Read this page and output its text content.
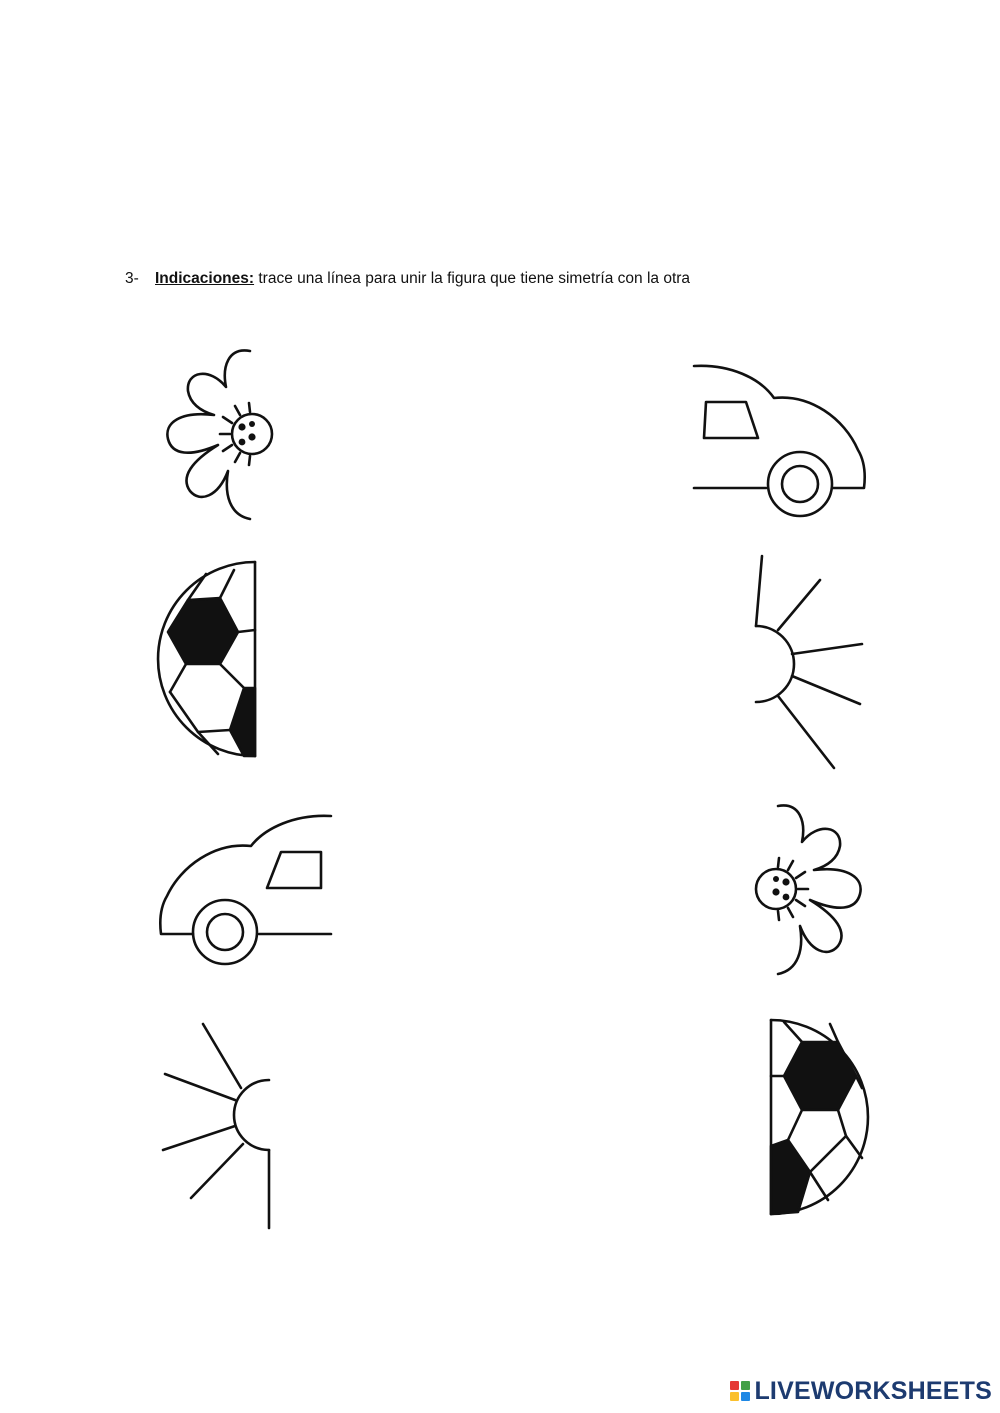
3- Indicaciones: trace una línea para unir la figura que tiene simetría con la otra
LIVEWORKSHEETS
